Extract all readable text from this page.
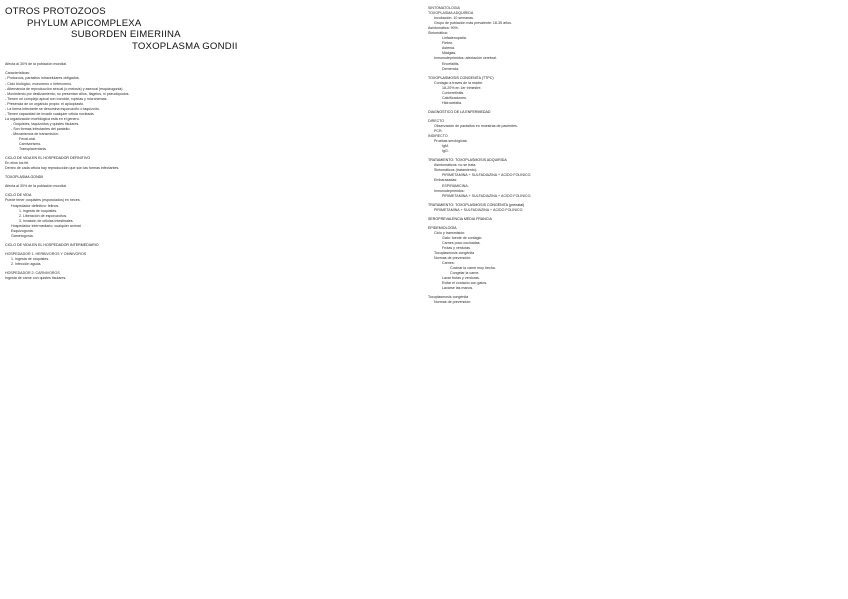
OTROS PROTOZOOS
PHYLUM APICOMPLEXA
SUBORDEN EIMERIINA
TOXOPLASMA GONDII
Afecta al 30% de la población mundial.
Características:
- Protozoos, parásitos intracelulares obligados.
- Ciclo biológico, monoxeno o heteroxeno.
- Alternancia de reproducción sexual (o meiosis) y asexual (esquizogonia).
- Movimiento por deslizamiento; no presentan cilios, flagelos, ni pseudópodos.
- Tienen un complejo apical con conoide, roptrias y micronemas.
- Presencia de un orgánulo propio: el apicoplasto.
- La forma infectante se denomina esporozoíto o taquizoíto.
- Tienen capacidad de invadir cualquier célula nucleada.
La organización morfológica está en el genero.
- Ooquistes, taquizoítos y quistes tisulares.
- Son formas infectantes del parásito.
- Mecanismos de transmisión:
Fecal-oral.
Carnivorismo.
Transplacentaria.
CICLO DE VIDA EN EL HOSPEDADOR DEFINITIVO
En ellos los fel.
Dentro de cada célula hay reproducción que son las formas infectantes.
TOXOPLASMA GONDII
Afecta al 30% de la población mundial.
CICLO DE VIDA
Puede tener ooquistes (esporulados) en heces.
Hospedador definitivo: felinos.
1. Ingesta de ooquistes.
2. Liberación de esporozoítos.
3. Invasión de células intestinales.
Hospedador intermediario: cualquier animal.
Esquizogonia.
Gametogonia.
CICLO DE VIDA EN EL HOSPEDADOR INTERMEDIARIO
HOSPEDADOR 1: HERBIVOROS Y OMNIVOROS
1. Ingesta de ooquistes.
2. Infección aguda.
HOSPEDADOR 2: CARNIVOROS
Ingesta de carne con quistes tisulares.
SINTOMATOLOGÍA
TOXOPLASMA ADQUIRIDA
Incubación: 10 semanas.
Grupo de población más prevalente: 18-35 años.
Asintomática: 90%.
Sintomática:
Linfadenopatía.
Fiebre.
Astenia.
Mialgias.
Inmunodeprimidos: afectación cerebral.
Encefalitis.
Demencia.
TOXOPLASMOSIS CONGENITA (TTPC)
Contagio a través de la madre.
18-20% en 1er trimestre.
Coriorretinitis.
Calcificaciones.
Hidrocefalia.
DIAGNÓSTICO DE LA ENFERMEDAD
DIRECTO
Observación de parásitos en muestras de pacientes.
PCR.
INDIRECTO
Pruebas serológicas:
IgM.
IgG.
TRATAMIENTO: TOXOPLASMOSIS ADQUIRIDA
Asintomáticos: no se trata.
Sintomáticos (tratamiento):
PIRIMETAMINA + SULFADIAZINA + ÁCIDO FOLÍNICO.
Embarazadas:
ESPIRAMICINA.
Inmunodeprimidos:
PIRIMETAMINA + SULFADIAZINA + ÁCIDO FOLÍNICO.
TRATAMIENTO: TOXOPLASMOSIS CONGÉNITA (prenatal)
PIRIMETAMINA + SULFADIAZINA + ÁCIDO FOLÍNICO.
SEROPREVALENCIA MEDIA FRANCIA
EPIDEMIOLOGÍA
Ciclo y transmisión:
Gato: fuente de contagio.
Carnes poco cocinadas.
Frutas y verduras.
Toxoplasmosis congénita
Normas de prevención:
Carnes:
Cocinar la carne muy hecha.
Congelar la carne.
Lavar frutas y verduras.
Evitar el contacto con gatos.
Lavarse las manos.
Toxoplasmosis congénita
Normas de prevención:
